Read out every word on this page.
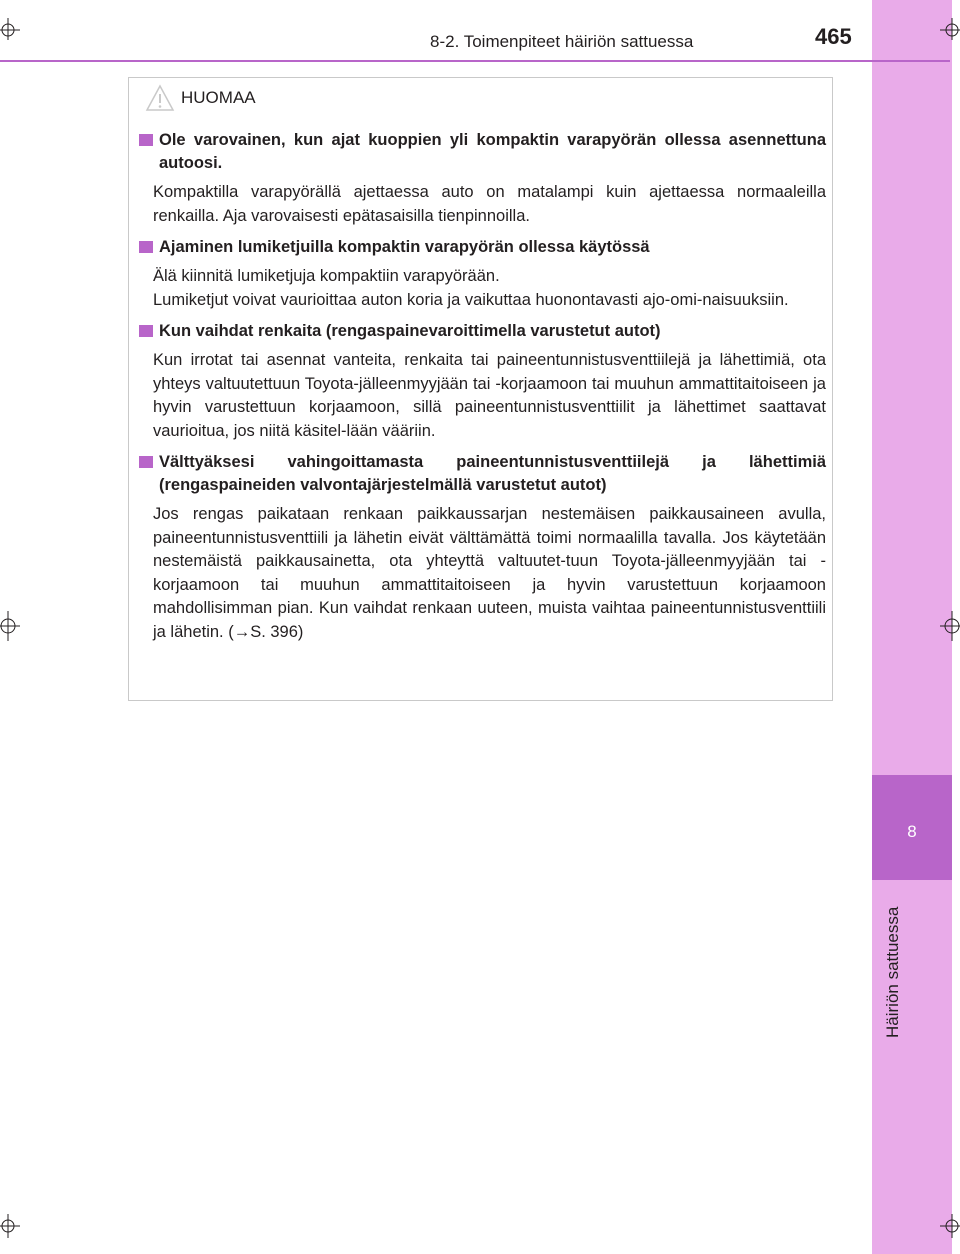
8
Häiriön sattuessa
8-2. Toimenpiteet häiriön sattuessa	465
HUOMAA
Ole varovainen, kun ajat kuoppien yli kompaktin varapyörän ollessa asennettuna autoosi.
Kompaktilla varapyörällä ajettaessa auto on matalampi kuin ajettaessa normaaleilla renkailla. Aja varovaisesti epätasaisilla tienpinnoilla.
Ajaminen lumiketjuilla kompaktin varapyörän ollessa käytössä
Älä kiinnitä lumiketjuja kompaktiin varapyörään.
Lumiketjut voivat vaurioittaa auton koria ja vaikuttaa huonontavasti ajo-omi-naisuuksiin.
Kun vaihdat renkaita (rengaspainevaroittimella varustetut autot)
Kun irrotat tai asennat vanteita, renkaita tai paineentunnistusventtiilejä ja lähettimiä, ota yhteys valtuutettuun Toyota-jälleenmyyjään tai -korjaamoon tai muuhun ammattitaitoiseen ja hyvin varustettuun korjaamoon, sillä paineentunnistusventtiilit ja lähettimet saattavat vaurioitua, jos niitä käsitel-lään vääriin.
Välttyäksesi vahingoittamasta paineentunnistusventtiilejä ja lähettimiä (rengaspaineiden valvontajärjestelmällä varustetut autot)
Jos rengas paikataan renkaan paikkaussarjan nestemäisen paikkausaineen avulla, paineentunnistusventtiili ja lähetin eivät välttämättä toimi normaalilla tavalla. Jos käytetään nestemäistä paikkausainetta, ota yhteyttä valtuutet-tuun Toyota-jälleenmyyjään tai -korjaamoon tai muuhun ammattitaitoiseen ja hyvin varustettuun korjaamoon mahdollisimman pian. Kun vaihdat renkaan uuteen, muista vaihtaa paineentunnistusventtiili ja lähetin. (→S. 396)
